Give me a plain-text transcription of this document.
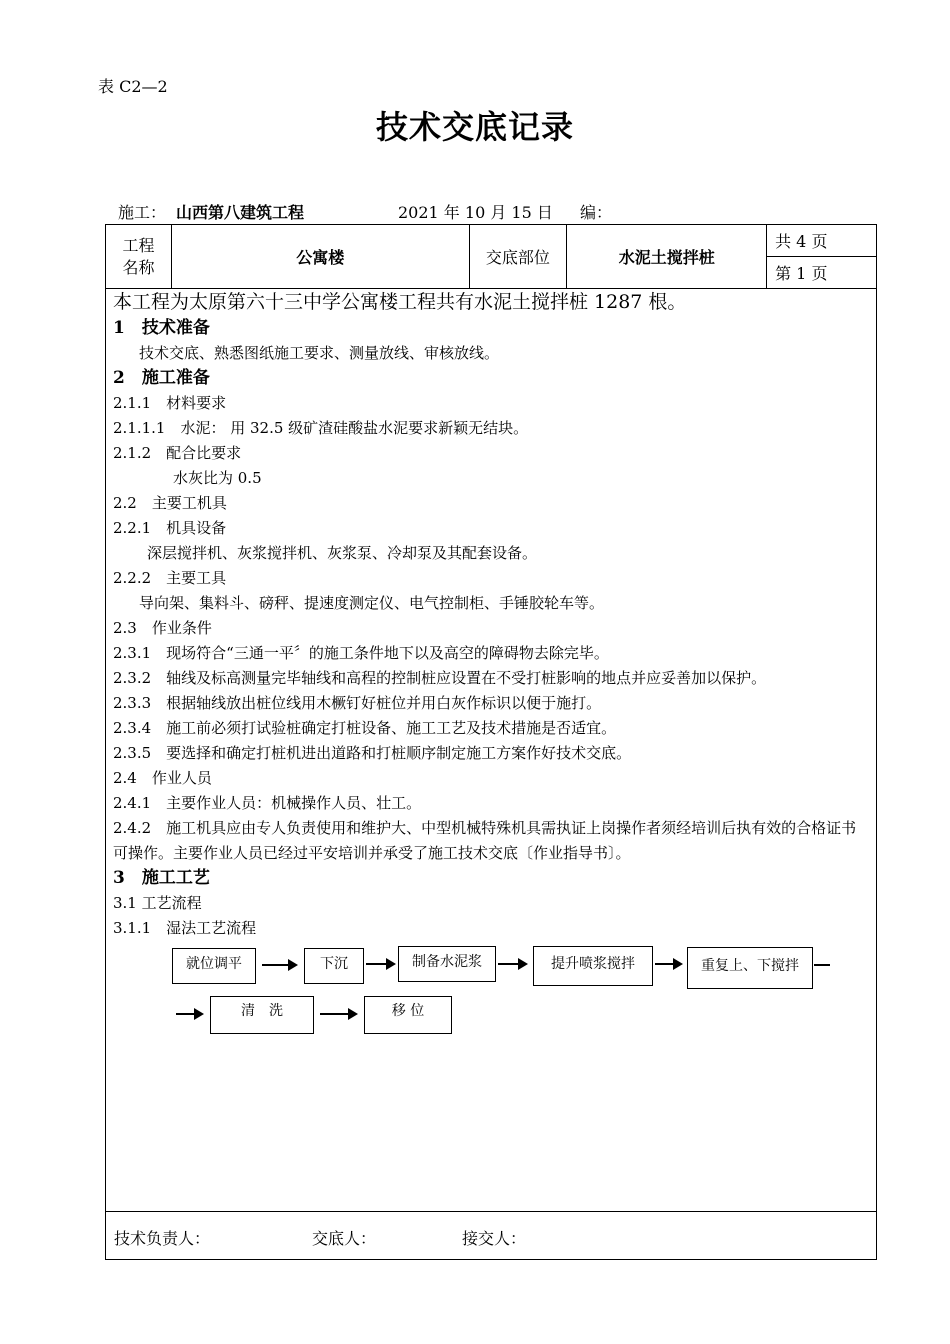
表 C2—2
技术交底记录
施工： 山西第八建筑工程	2021 年 10 月 15 日 编：
工程
名称	公寓楼	交底部位	水泥土搅拌桩	共 4 页
第 1 页
本工程为太原第六十三中学公寓楼工程共有水泥土搅拌桩 1287 根。
1　技术准备
技术交底、熟悉图纸施工要求、测量放线、审核放线。
2　施工准备
2.1.1　材料要求
2.1.1.1　水泥： 用 32.5 级矿渣硅酸盐水泥要求新颖无结块。
2.1.2　配合比要求
水灰比为 0.5
2.2　主要工机具
2.2.1　机具设备
深层搅拌机、灰浆搅拌机、灰浆泵、冷却泵及其配套设备。
2.2.2　主要工具
导向架、集料斗、磅秤、提速度测定仪、电气控制柜、手锤胶轮车等。
2.3　作业条件
2.3.1　现场符合“三通一平〞的施工条件地下以及高空的障碍物去除完毕。
2.3.2　轴线及标高测量完毕轴线和高程的控制桩应设置在不受打桩影响的地点并应妥善加以保护。
2.3.3　根据轴线放出桩位线用木橛钉好桩位并用白灰作标识以便于施打。
2.3.4　施工前必须打试验桩确定打桩设备、施工工艺及技术措施是否适宜。
2.3.5　要选择和确定打桩机进出道路和打桩顺序制定施工方案作好技术交底。
2.4　作业人员
2.4.1　主要作业人员：机械操作人员、壮工。
2.4.2　施工机具应由专人负责使用和维护大、中型机械特殊机具需执证上岗操作者须经培训后执有效的合格证书可操作。主要作业人员已经过平安培训并承受了施工技术交底〔作业指导书〕。
3　施工工艺
3.1 工艺流程
3.1.1　湿法工艺流程
就位调平	下沉	制备水泥浆	提升喷浆搅拌	重复上、下搅拌
清　洗	移 位
技术负责人：	交底人：	接交人：
